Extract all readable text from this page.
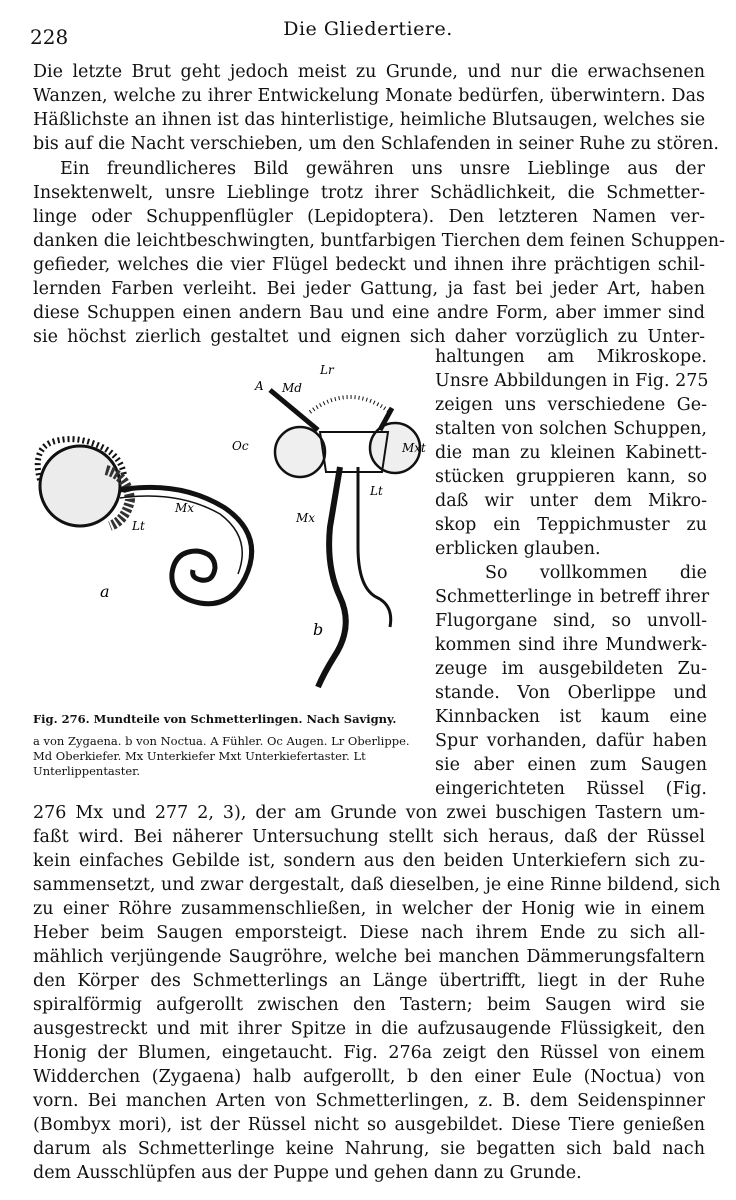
228	Die Gliedertiere.
Die letzte Brut geht jedoch meist zu Grunde, und nur die erwachsenen
Wanzen, welche zu ihrer Entwickelung Monate bedürfen, überwintern. Das
Häßlichste an ihnen ist das hinterlistige, heimliche Blutsaugen, welches sie
bis auf die Nacht verschieben, um den Schlafenden in seiner Ruhe zu stören.
Ein freundlicheres Bild gewähren uns unsre Lieblinge aus der
Insektenwelt, unsre Lieblinge trotz ihrer Schädlichkeit, die Schmetter-
linge oder Schuppenflügler (Lepidoptera). Den letzteren Namen ver-
danken die leichtbeschwingten, buntfarbigen Tierchen dem feinen Schuppen-
gefieder, welches die vier Flügel bedeckt und ihnen ihre prächtigen schil-
lernden Farben verleiht. Bei jeder Gattung, ja fast bei jeder Art, haben
diese Schuppen einen andern Bau und eine andre Form, aber immer sind
sie höchst zierlich gestaltet und eignen sich daher vorzüglich zu Unter-
haltungen am Mikroskope.
Unsre Abbildungen in Fig. 275
zeigen uns verschiedene Ge-
stalten von solchen Schuppen,
die man zu kleinen Kabinett-
stücken gruppieren kann, so
daß wir unter dem Mikro-
skop ein Teppichmuster zu
erblicken glauben.
So vollkommen die
Schmetterlinge in betreff ihrer
Flugorgane sind, so unvoll-
kommen sind ihre Mundwerk-
zeuge im ausgebildeten Zu-
stande. Von Oberlippe und
Kinnbacken ist kaum eine
Spur vorhanden, dafür haben
sie aber einen zum Saugen
eingerichteten Rüssel (Fig.
276 Mx und 277 2, 3), der am Grunde von zwei buschigen Tastern um-
faßt wird. Bei näherer Untersuchung stellt sich heraus, daß der Rüssel
kein einfaches Gebilde ist, sondern aus den beiden Unterkiefern sich zu-
sammensetzt, und zwar dergestalt, daß dieselben, je eine Rinne bildend, sich
zu einer Röhre zusammenschließen, in welcher der Honig wie in einem
Heber beim Saugen emporsteigt. Diese nach ihrem Ende zu sich all-
mählich verjüngende Saugröhre, welche bei manchen Dämmerungsfaltern
den Körper des Schmetterlings an Länge übertrifft, liegt in der Ruhe
spiralförmig aufgerollt zwischen den Tastern; beim Saugen wird sie
ausgestreckt und mit ihrer Spitze in die aufzusaugende Flüssigkeit, den
Honig der Blumen, eingetaucht. Fig. 276a zeigt den Rüssel von einem
Widderchen (Zygaena) halb aufgerollt, b den einer Eule (Noctua) von
vorn. Bei manchen Arten von Schmetterlingen, z. B. dem Seidenspinner
(Bombyx mori), ist der Rüssel nicht so ausgebildet. Diese Tiere genießen
darum als Schmetterlinge keine Nahrung, sie begatten sich bald nach
dem Ausschlüpfen aus der Puppe und gehen dann zu Grunde.
a
Lt
Mx
A Md
Lr
Oc	Mxt
Lt
Mx
b
Fig. 276. Mundteile von Schmetterlingen. Nach Savigny.
a von Zygaena. b von Noctua. A Fühler. Oc Augen. Lr Oberlippe. Md Oberkiefer. Mx Unterkiefer Mxt Unterkiefertaster. Lt Unterlippentaster.
